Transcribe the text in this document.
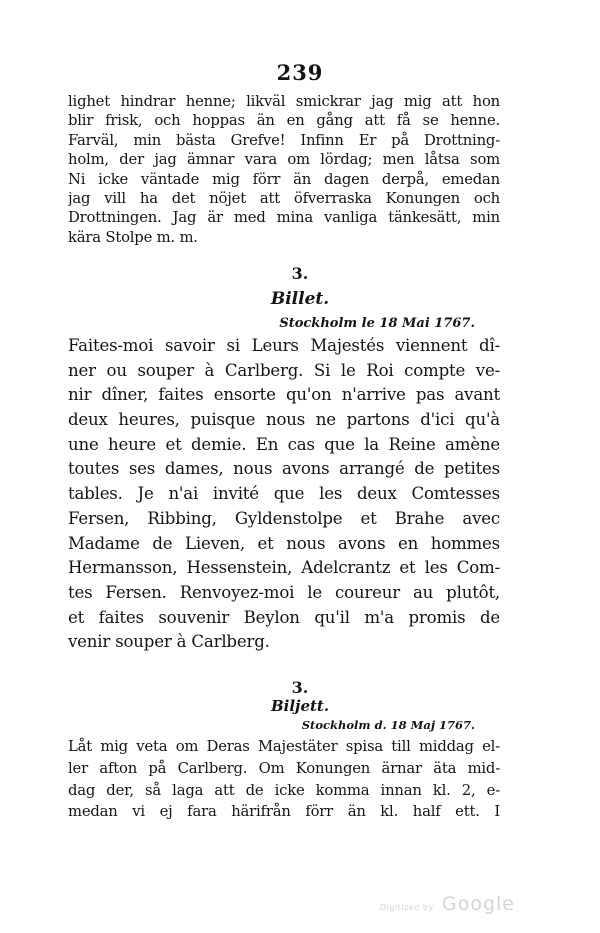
239
lighet hindrar henne; likväl smickrar jag mig att hon
blir frisk, och hoppas än en gång att få se henne.
Farväl, min bästa Grefve! Infinn Er på Drottning-
holm, der jag ämnar vara om lördag; men låtsa som
Ni icke väntade mig förr än dagen derpå, emedan
jag vill ha det nöjet att öfverraska Konungen och
Drottningen. Jag är med mina vanliga tänkesätt, min
kära Stolpe m. m.
3.
Billet.
Stockholm le 18 Mai 1767.
Faites-moi savoir si Leurs Majestés viennent dî-
ner ou souper à Carlberg. Si le Roi compte ve-
nir dîner, faites ensorte qu'on n'arrive pas avant
deux heures, puisque nous ne partons d'ici qu'à
une heure et demie. En cas que la Reine amène
toutes ses dames, nous avons arrangé de petites
tables. Je n'ai invité que les deux Comtesses
Fersen, Ribbing, Gyldenstolpe et Brahe avec
Madame de Lieven, et nous avons en hommes
Hermansson, Hessenstein, Adelcrantz et les Com-
tes Fersen. Renvoyez-moi le coureur au plutôt,
et faites souvenir Beylon qu'il m'a promis de
venir souper à Carlberg.
3.
Biljett.
Stockholm d. 18 Maj 1767.
Låt mig veta om Deras Majestäter spisa till middag el-
ler afton på Carlberg. Om Konungen ärnar äta mid-
dag der, så laga att de icke komma innan kl. 2, e-
medan vi ej fara härifrån förr än kl. half ett. I
Digitized by Google
